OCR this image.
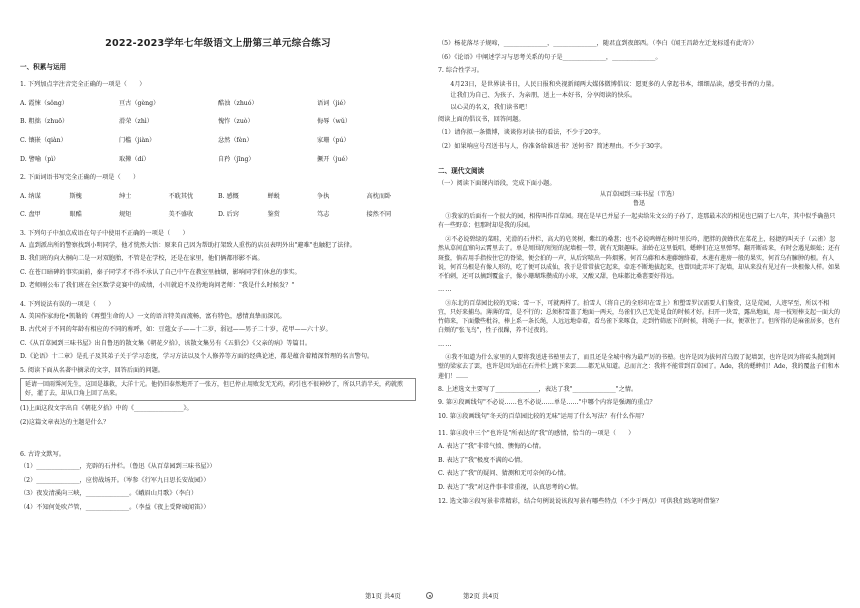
2022-2023学年七年级语文上册第三单元综合练习
一、积累与运用
1. 下列加点字注音完全正确的一项是（　　）
A. 霞悚（sǒng）	亘古（gèng）	酷浊（zhuó）	语词（jié）
B. 粗拙（zhuō）	滑荣（zhì）	愧怍（zuò）	侮辱（wǔ）
C. 镶嵌（qiàn）	门槛（jiàn）	忿然（fèn）	家珊（pú）
D. 譬喻（pì）	取撵（dí）	自矜（jīng）	撅开（jué）
2. 下面词语书写完全正确的一项是（　　）
A. 纳谋	斯槐	绅士	不耽其忧	B. 感慨	蝉蜕	争执	高枕而卧
C. 盘甲	眼酷	规矩	美不盛收	D. 后窍	鉴赏	笃志	接然不同
3. 下列句子中加点成语在句子中使用不正确的一项是（　　）
A. 直到派出所的警察找到小明同学，他才恍然大悟：原来自己因为帮助打架致人重伤的店员表明外出"避难"也触犯了法律。
B. 我们班的向大桐向二是一对双胞胎，不管是在学校，还是在家里，他们俩都形影不离。
C. 在苍口暗碑的事实面前，秦子同学才不得不承认了自己中午在教室里抽烟，影响同学们休息的事实。
D. 老师刚公布了我们班在全区数学竞赛中的成绩，小川就迫不及待地询问老师："我是什么时候发？"
4. 下列说法有误的一项是（　　）
A. 美国作家海伦•凯勒的《再塑生命的人》一文的语言特美而流畅，富有特色，感情真挚而深沉。
B. 古代对于不同的年龄有相应的不同的称呼，如：豆蔻女子——十二岁，弱冠——男子二十岁，花甲——六十岁。
C.《从百草园到三味书屋》出自鲁迅的散文集《朝花夕拾》，该散文集另有《五猖会》《父亲的病》等篇目。
D.《论语》十二章》是孔子及其弟子关于学习态度，学习方法以及个人修养等方面的经典论述，都是蕴含着精深哲理的名言警句。
5. 阅读下面从名著中摘录的文字，回答后面的问题。
延请一回雨霁河先生，这回是雄救，大洋十元。他仍旧泰然地开了一张方，但已停止用败发无无药，药引也不很神妙了，所以只消半天，药就煎好，灌了去，却从口角上回了出来。
(1)上面这段文字出自《朝花夕拾》中的《________________》。
(2)这篇文章表达的主题是什么？
6. 古诗文默写。
（1）______________，充辟的石井栏。（鲁迅《从百草园到三味书屋》）
（2）______________，应傍战场开。（岑参《行军九日思长安故园》）
（3）夜发清溪向三峡，______________。《峨眉山月歌》（李白）
（4）不知何处吹芦管，______________。（李益《夜上受降城闻笛》）
（5）杨花落尽子规啼，______________，______________，随君直到夜郎西。（李白《闻王昌龄左迁龙标遥有此寄》）
（6）《论语》中阐述学习与思考关系的句子是______________，______________。
7. 综合性学习。
4月23日，是世界读书日，人民日报和央视新闻两大媒体微博倡议：愿更多的人拿起书本，细细品读，感受书香的力量。
让我们为自己、为孩子、为亲朋，送上一本好书，分享阅读的快乐。
以心灵的名义，我们读书吧！
阅读上面的倡议书，回答问题。
（1）请你拟一条微博，谈谈你对读书的看法，不少于20字。
（2）如果响应号召送书与人，你准备给谁送书？送何书？简述理由。不少于30字。
二、现代文阅读
（一）阅读下面课内语段，完成下面小题。
从百草园到三味书屋（节选）
鲁迅
①我家的后面有一个很大的园，相传叫作百草园。现在是早已并屋子一起卖给朱文公的子孙了，连那最末次的相见也已隔了七八年，其中似乎确凿只有一些野草；但那时却是我的乐园。
②不必说碧绿的菜畦，光滑的石井栏，高大的皂荚树，紫红的桑葚；也不必说鸣蝉在树叶里长吟，肥胖的黄蜂伏在菜花上，轻捷的叫天子（云雀）忽然从草间直窜向云霄里去了。单是周围的短短的泥墙根一带，就有无限趣味。油蛉在这里低唱，蟋蟀们在这里弹琴。翻开断砖来，有时会遇见蜈蚣；还有斑蝥，倘若用手指按住它的脊梁，便会拍的一声，从后窍喷出一阵烟雾。何首乌藤和木莲藤缠络着，木莲有莲房一般的果实，何首乌有臃肿的根。有人说，何首乌根是有像人形的，吃了便可以成仙，我于是常常拔它起来，牵连不断地拔起来，也曾因此弄坏了泥墙，却从来没有见过有一块根像人样。如果不怕刺，还可以摘到覆盆子，像小珊瑚珠攒成的小球，又酸又甜，色味都比桑葚要好得远。
……
③东北的百草园比较的无味；雪一下，可就两样了。拍雪人（将自己的全形印在雪上）和塑雪罗汉需要人们鉴赏，这是荒园，人迹罕至，所以不相宜，只好来捕鸟。薄薄的雪，是不行的；总须积雪盖了地面一两天，鸟雀们久已无处觅食的时候才好。扫开一块雪，露出地面，用一枝短棒支起一面大的竹筛来，下面撒些秕谷，棒上系一条长绳，人远远地牵着，看鸟雀下来啄食，走到竹筛底下的时候，将绳子一拉，便罩住了。但所得的是麻雀居多，也有白颊的"张飞鸟"，性子很躁，养不过夜的。
……
④我不知道为什么家里的人要将我送进书塾里去了，而且还是全城中称为最严厉的书塾。也许是因为拔何首乌毁了泥墙罢，也许是因为将砖头抛到间壁的梁家去了罢，也许是因为站在石井栏上跳下来罢……都无从知道。总而言之：我将不能常到百草园了。Ade，我的蟋蟀们！Ade，我的覆盆子们和木莲们！……
8. 上述选文主要写了______________，表达了我"______________"之情。
9. 第②段画线句"不必说……也不必说……单是……"中哪个内容是强调的重点？
10. 第③段画线句"冬天的百草园比较的无味"运用了什么写法？有什么作用？
11. 第④段中三个"也许是"所表达的"我"的感情，恰当的一项是（　　）
A. 表达了"我"非常气愤、懊悔的心情。
B. 表达了"我"极度不满的心情。
C. 表达了"我"的疑问、猜测和无可奈何的心情。
D. 表达了"我"对这件事非常重视，认真思考的心情。
12. 选文第②段写景非常精彩，结合句例说说该段写景有哪些特点（不少于两点）可供我们练笔时借鉴？
第1页 共4页	第2页 共4页
